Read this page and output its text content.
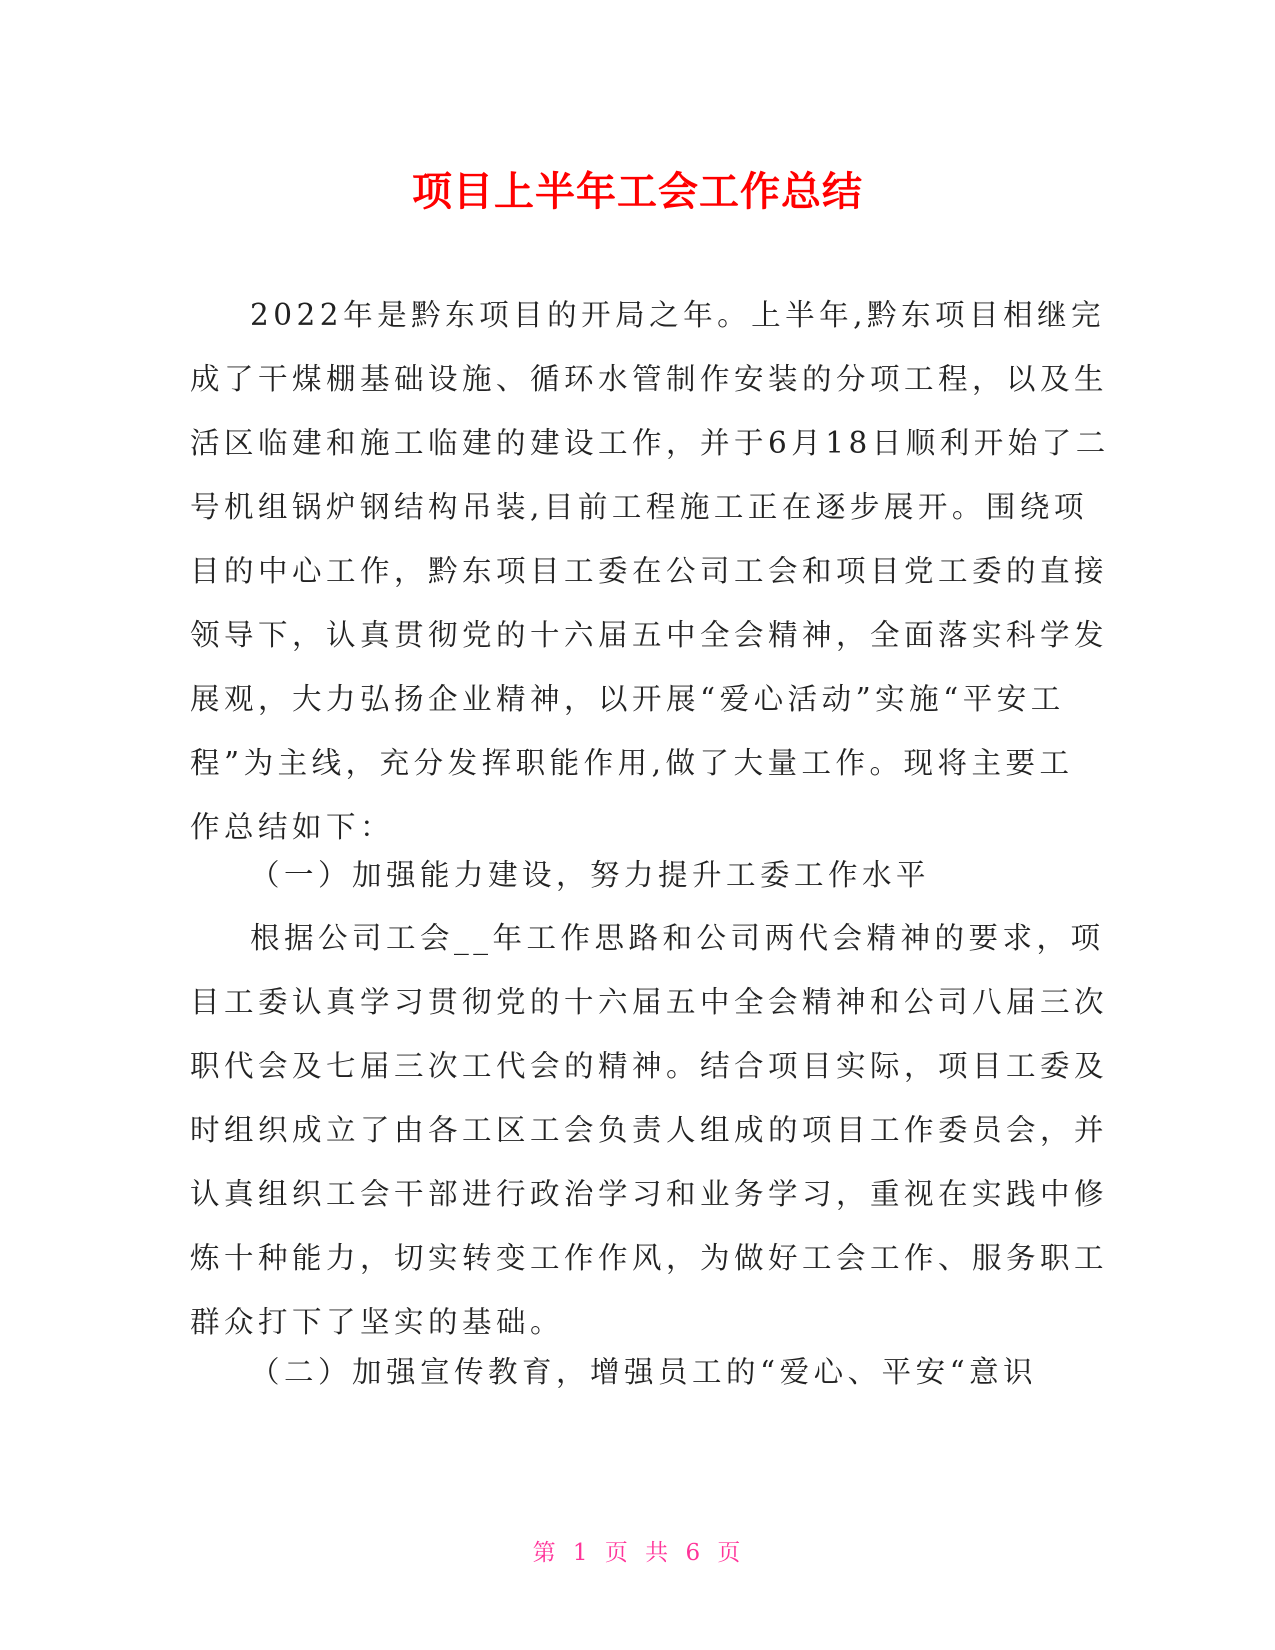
项目上半年工会工作总结

2022年是黔东项目的开局之年。上半年,黔东项目相继完
成了干煤棚基础设施、循环水管制作安装的分项工程，以及生
活区临建和施工临建的建设工作，并于6月18日顺利开始了二
号机组锅炉钢结构吊装,目前工程施工正在逐步展开。围绕项
目的中心工作，黔东项目工委在公司工会和项目党工委的直接
领导下，认真贯彻党的十六届五中全会精神，全面落实科学发
展观，大力弘扬企业精神，以开展“爱心活动”实施“平安工
程”为主线，充分发挥职能作用,做了大量工作。现将主要工
作总结如下：

（一）加强能力建设，努力提升工委工作水平

根据公司工会__年工作思路和公司两代会精神的要求，项
目工委认真学习贯彻党的十六届五中全会精神和公司八届三次
职代会及七届三次工代会的精神。结合项目实际，项目工委及
时组织成立了由各工区工会负责人组成的项目工作委员会，并
认真组织工会干部进行政治学习和业务学习，重视在实践中修
炼十种能力，切实转变工作作风，为做好工会工作、服务职工
群众打下了坚实的基础。

（二）加强宣传教育，增强员工的“爱心、平安“意识

第 1 页 共 6 页
